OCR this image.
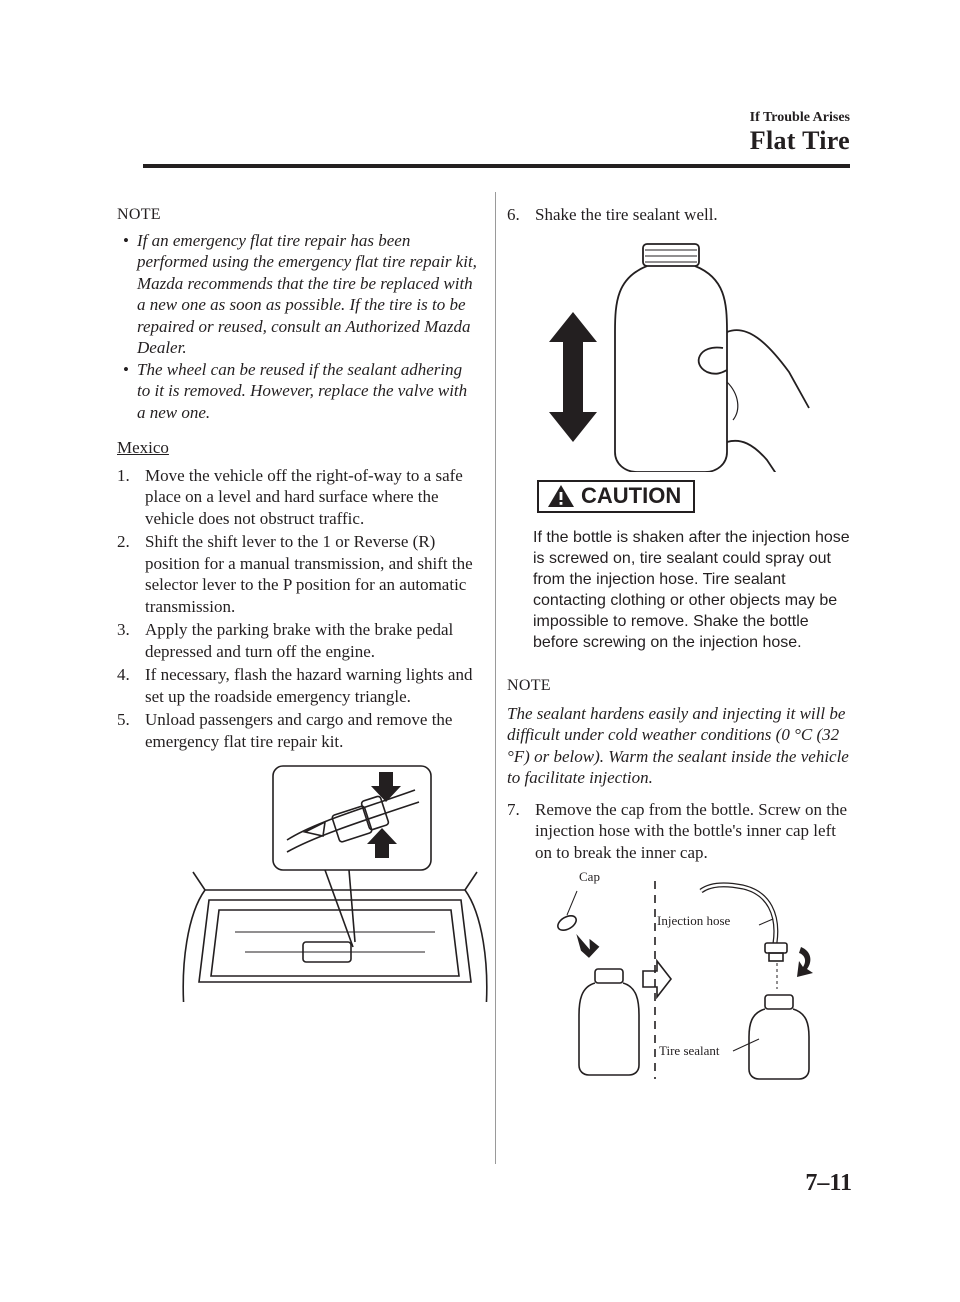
If Trouble Arises
Flat Tire
NOTE
• If an emergency flat tire repair has been performed using the emergency flat tire repair kit, Mazda recommends that the tire be replaced with a new one as soon as possible. If the tire is to be repaired or reused, consult an Authorized Mazda Dealer.
• The wheel can be reused if the sealant adhering to it is removed. However, replace the valve with a new one.
Mexico
1. Move the vehicle off the right-of-way to a safe place on a level and hard surface where the vehicle does not obstruct traffic.
2. Shift the shift lever to the 1 or Reverse (R) position for a manual transmission, and shift the selector lever to the P position for an automatic transmission.
3. Apply the parking brake with the brake pedal depressed and turn off the engine.
4. If necessary, flash the hazard warning lights and set up the roadside emergency triangle.
5. Unload passengers and cargo and remove the emergency flat tire repair kit.
6. Shake the tire sealant well.
CAUTION
If the bottle is shaken after the injection hose is screwed on, tire sealant could spray out from the injection hose. Tire sealant contacting clothing or other objects may be impossible to remove. Shake the bottle before screwing on the injection hose.
NOTE
The sealant hardens easily and injecting it will be difficult under cold weather conditions (0 °C (32 °F) or below). Warm the sealant inside the vehicle to facilitate injection.
7. Remove the cap from the bottle. Screw on the injection hose with the bottle's inner cap left on to break the inner cap.
Cap
Injection hose
Tire sealant
7–11
